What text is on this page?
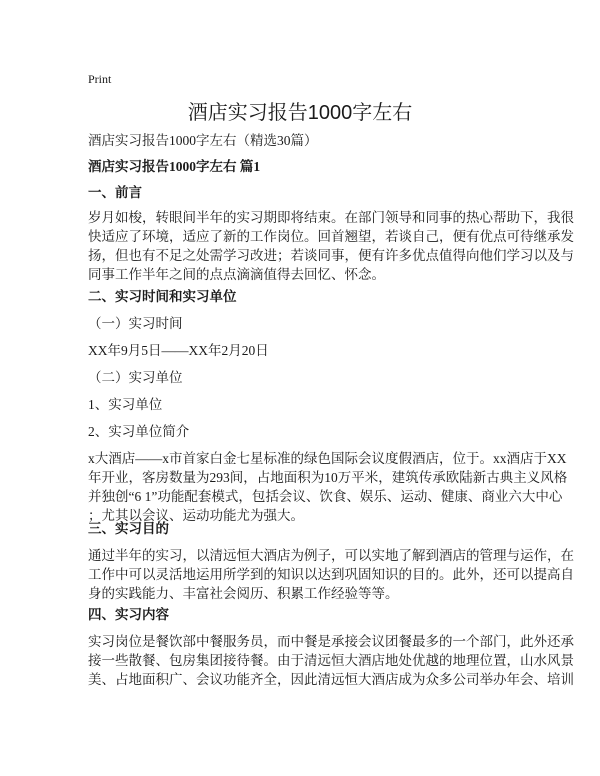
Print
酒店实习报告1000字左右
酒店实习报告1000字左右（精选30篇）
酒店实习报告1000字左右 篇1
一、前言
岁月如梭，转眼间半年的实习期即将结束。在部门领导和同事的热心帮助下，我很
快适应了环境，适应了新的工作岗位。回首翘望，若谈自己，便有优点可待继承发
扬，但也有不足之处需学习改进；若谈同事，便有许多优点值得向他们学习以及与
同事工作半年之间的点点滴滴值得去回忆、怀念。
二、实习时间和实习单位
（一）实习时间
XX年9月5日——XX年2月20日
（二）实习单位
1、实习单位
2、实习单位简介
x大酒店——x市首家白金七星标准的绿色国际会议度假酒店，位于。xx酒店于XX
年开业，客房数量为293间，占地面积为10万平米，建筑传承欧陆新古典主义风格
并独创“6 1”功能配套模式，包括会议、饮食、娱乐、运动、健康、商业六大中心
；尤其以会议、运动功能尤为强大。
三、实习目的
通过半年的实习，以清远恒大酒店为例子，可以实地了解到酒店的管理与运作，在
工作中可以灵活地运用所学到的知识以达到巩固知识的目的。此外，还可以提高自
身的实践能力、丰富社会阅历、积累工作经验等等。
四、实习内容
实习岗位是餐饮部中餐服务员，而中餐是承接会议团餐最多的一个部门，此外还承
接一些散餐、包房集团接待餐。由于清远恒大酒店地处优越的地理位置，山水风景
美、占地面积广、会议功能齐全，因此清远恒大酒店成为众多公司举办年会、培训
